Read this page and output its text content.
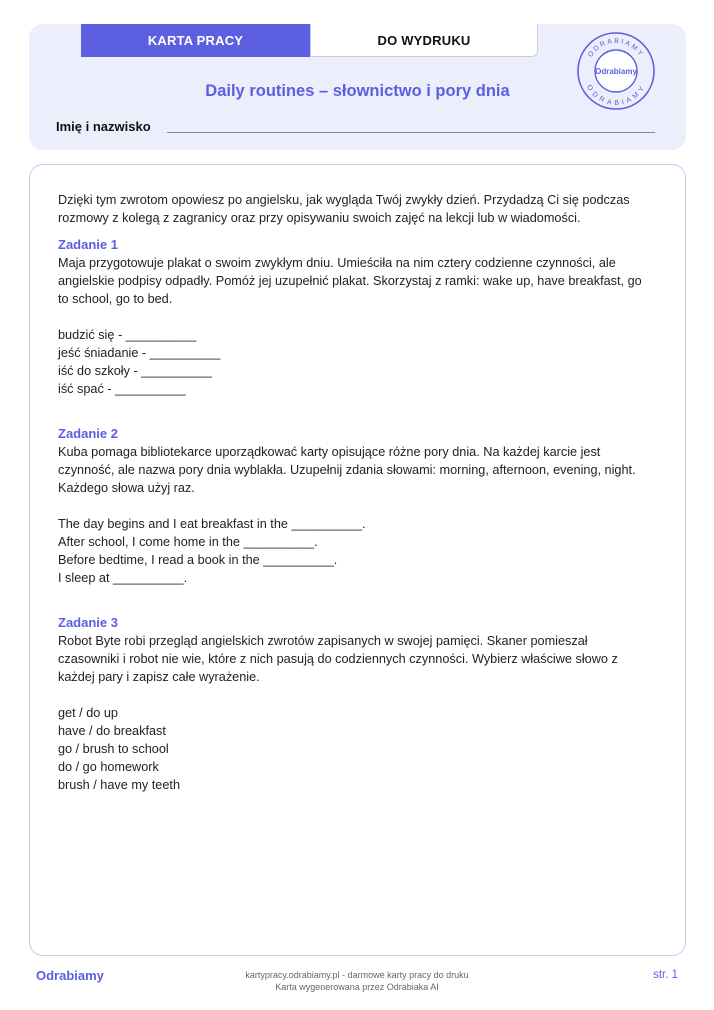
KARTA PRACY	DO WYDRUKU
Daily routines – słownictwo i pory dnia
Imię i nazwisko
ODRABIAMY
ODRABIAMY
Odrabiamy

Dzięki tym zwrotom opowiesz po angielsku, jak wygląda Twój zwykły dzień. Przydadzą Ci się podczas

rozmowy z kolegą z zagranicy oraz przy opisywaniu swoich zajęć na lekcji lub w wiadomości.

Zadanie 1

Maja przygotowuje plakat o swoim zwykłym dniu. Umieściła na nim cztery codzienne czynności, ale

angielskie podpisy odpadły. Pomóż jej uzupełnić plakat. Skorzystaj z ramki: wake up, have breakfast, go

to school, go to bed.

budzić się - __________

jeść śniadanie - __________

iść do szkoły - __________

iść spać - __________

Zadanie 2

Kuba pomaga bibliotekarce uporządkować karty opisujące różne pory dnia. Na każdej karcie jest

czynność, ale nazwa pory dnia wyblakła. Uzupełnij zdania słowami: morning, afternoon, evening, night.

Każdego słowa użyj raz.

The day begins and I eat breakfast in the __________.

After school, I come home in the __________.

Before bedtime, I read a book in the __________.

I sleep at __________.

Zadanie 3

Robot Byte robi przegląd angielskich zwrotów zapisanych w swojej pamięci. Skaner pomieszał

czasowniki i robot nie wie, które z nich pasują do codziennych czynności. Wybierz właściwe słowo z

każdej pary i zapisz całe wyrażenie.

get / do up

have / do breakfast

go / brush to school

do / go homework

brush / have my teeth

Odrabiamy	kartypracy.odrabiamy.pl - darmowe karty pracy do druku
Karta wygenerowana przez Odrabiaka AI
str. 1
